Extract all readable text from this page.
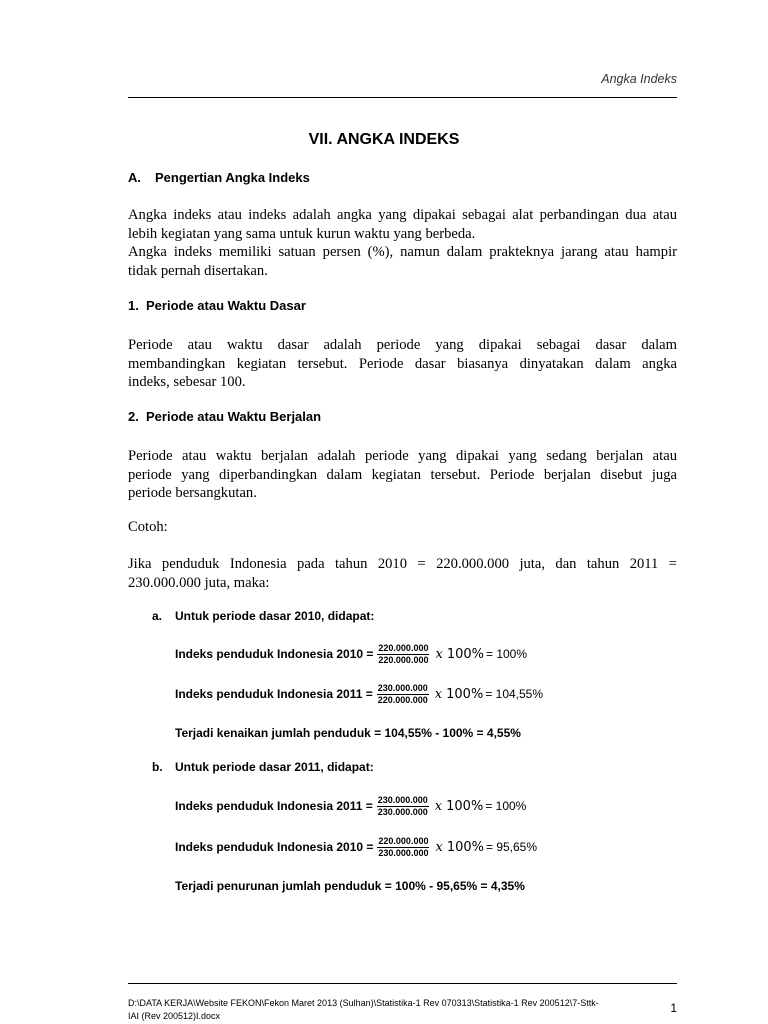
Angka Indeks
VII. ANGKA INDEKS
A. Pengertian Angka Indeks
Angka indeks atau indeks adalah angka yang dipakai sebagai alat perbandingan dua atau
lebih kegiatan yang sama untuk kurun waktu yang berbeda.
Angka indeks memiliki satuan persen (%), namun dalam prakteknya jarang atau hampir
tidak pernah disertakan.
1. Periode atau Waktu Dasar
Periode atau waktu dasar adalah periode yang dipakai sebagai dasar dalam
membandingkan kegiatan tersebut. Periode dasar biasanya dinyatakan dalam angka
indeks, sebesar 100.
2. Periode atau Waktu Berjalan
Periode atau waktu berjalan adalah periode yang dipakai yang sedang berjalan atau
periode yang diperbandingkan dalam kegiatan tersebut. Periode berjalan disebut juga
periode bersangkutan.
Cotoh:
Jika penduduk Indonesia pada tahun 2010 = 220.000.000 juta, dan tahun 2011 =
230.000.000 juta, maka:
a. Untuk periode dasar 2010, didapat:
Indeks penduduk Indonesia $2010 = \frac{220.000.000}{220.000.000}$ x 100% = 100%
Indeks penduduk Indonesia $2011 = \frac{230.000.000}{220.000.000}$ x 100% = 104,55%
Terjadi kenaikan jumlah penduduk = 104,55% - 100% = 4,55%
b. Untuk periode dasar 2011, didapat:
Indeks penduduk Indonesia $2011 = \frac{230.000.000}{230.000.000}$ x 100% = 100%
Indeks penduduk Indonesia $2010 = \frac{220.000.000}{230.000.000}$ x 100% = 95,65%
Terjadi penurunan jumlah penduduk = 100% - 95,65% = 4,35%
D:\DATA KERJA\Website FEKON\Fekon Maret 2013 (Sulhan)\Statistika-1 Rev 070313\Statistika-1 Rev 200512\7-Sttk-
IAI (Rev 200512)I.docx
1
